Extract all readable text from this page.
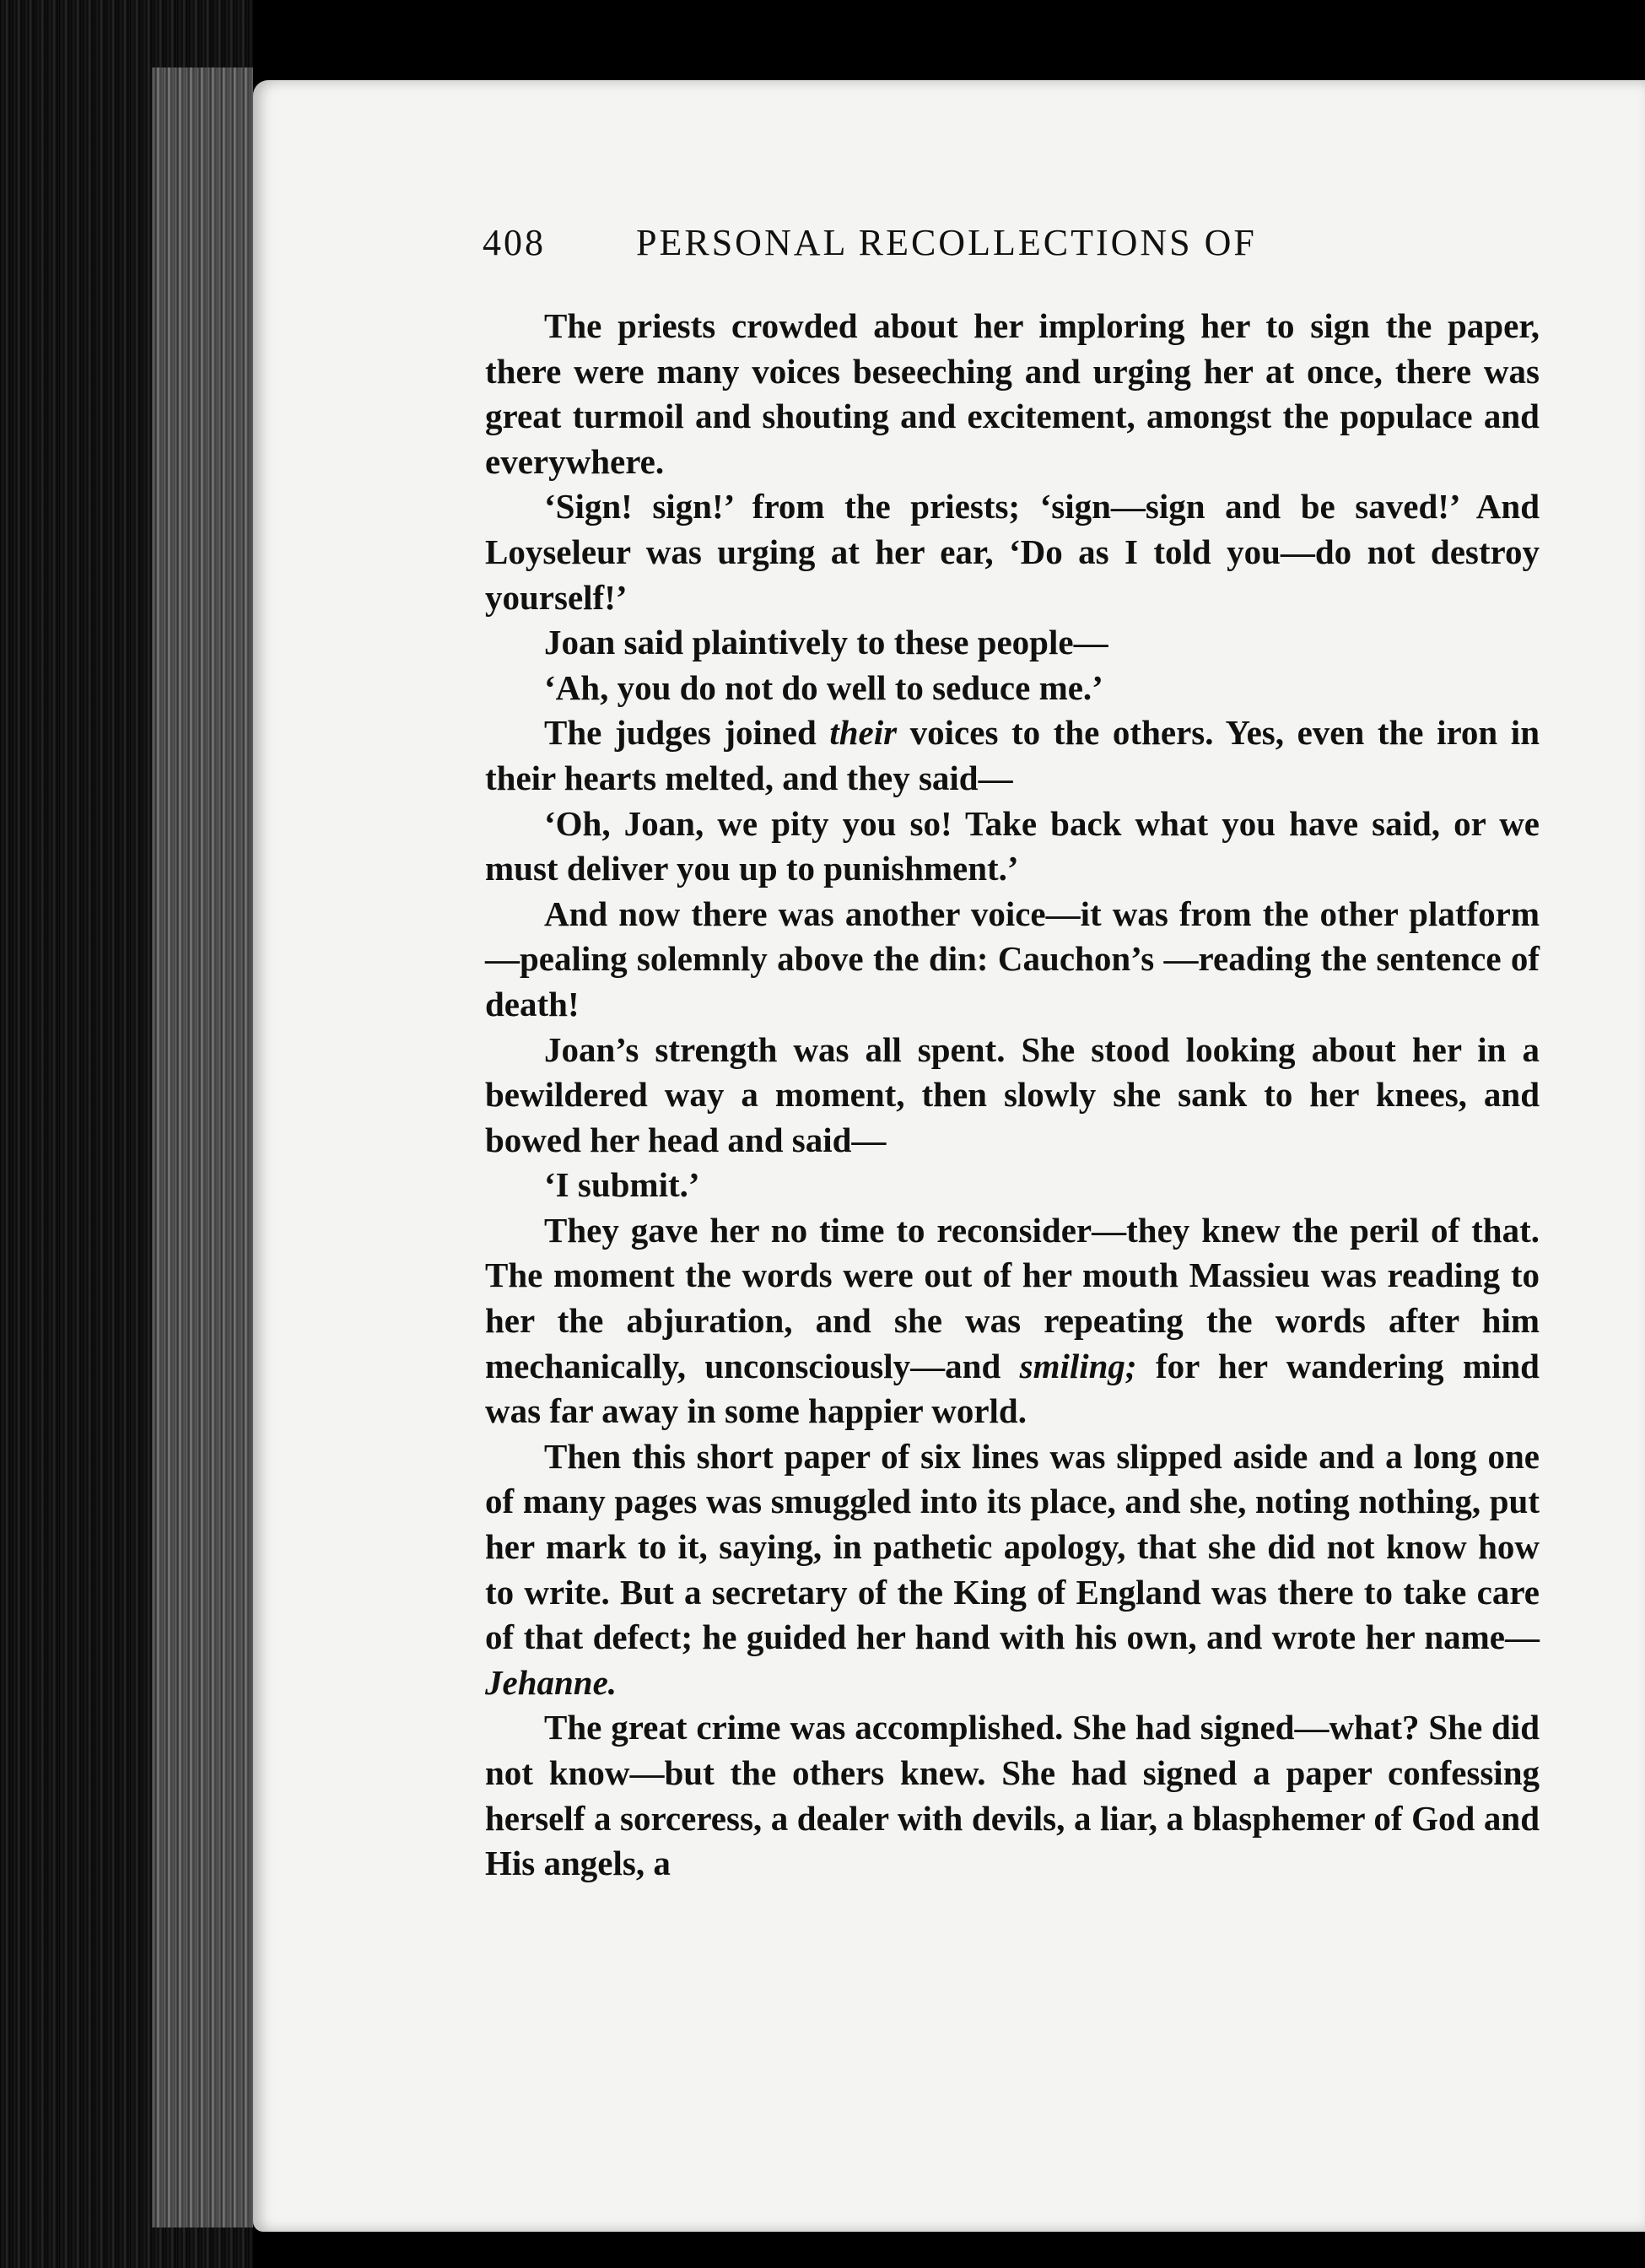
408 PERSONAL RECOLLECTIONS OF

The priests crowded about her imploring her to sign the paper, there were many voices beseeching and urging her at once, there was great turmoil and shouting and excitement, amongst the populace and everywhere.

‘Sign! sign!’ from the priests; ‘sign—sign and be saved!’ And Loyseleur was urging at her ear, ‘Do as I told you—do not destroy yourself!’

Joan said plaintively to these people—

‘Ah, you do not do well to seduce me.’

The judges joined their voices to the others. Yes, even the iron in their hearts melted, and they said—

‘Oh, Joan, we pity you so! Take back what you have said, or we must deliver you up to punishment.’

And now there was another voice—it was from the other platform—pealing solemnly above the din: Cauchon’s —reading the sentence of death!

Joan’s strength was all spent. She stood looking about her in a bewildered way a moment, then slowly she sank to her knees, and bowed her head and said—

‘I submit.’

They gave her no time to reconsider—they knew the peril of that. The moment the words were out of her mouth Massieu was reading to her the abjuration, and she was repeating the words after him mechanically, unconsciously—and smiling; for her wandering mind was far away in some happier world.

Then this short paper of six lines was slipped aside and a long one of many pages was smuggled into its place, and she, noting nothing, put her mark to it, saying, in pathetic apology, that she did not know how to write. But a secretary of the King of England was there to take care of that defect; he guided her hand with his own, and wrote her name—Jehanne.

The great crime was accomplished. She had signed—what? She did not know—but the others knew. She had signed a paper confessing herself a sorceress, a dealer with devils, a liar, a blasphemer of God and His angels, a
